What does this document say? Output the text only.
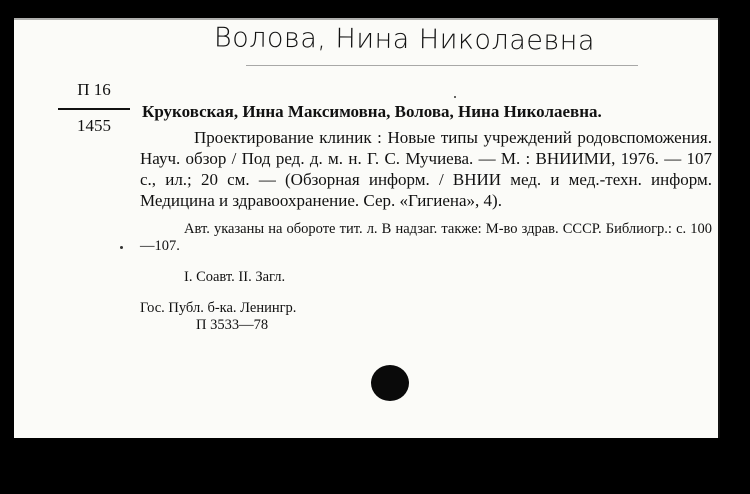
Волова, Нина Николаевна
П 16
1455

Круковская, Инна Максимовна, Волова, Нина Николаевна.

Проектирование клиник : Новые типы учреждений родовспоможения. Науч. обзор / Под ред. д. м. н. Г. С. Мучиева. — М. : ВНИИМИ, 1976. — 107 с., ил.; 20 см. — (Обзорная информ. / ВНИИ мед. и мед.-техн. информ. Медицина и здравоохранение. Сер. «Гигиена», 4).

Авт. указаны на обороте тит. л. В надзаг. также: М-во здрав. СССР. Библиогр.: с. 100—107.

I. Соавт. II. Загл.

Гос. Публ. б-ка. Ленингр.
П 3533—78
